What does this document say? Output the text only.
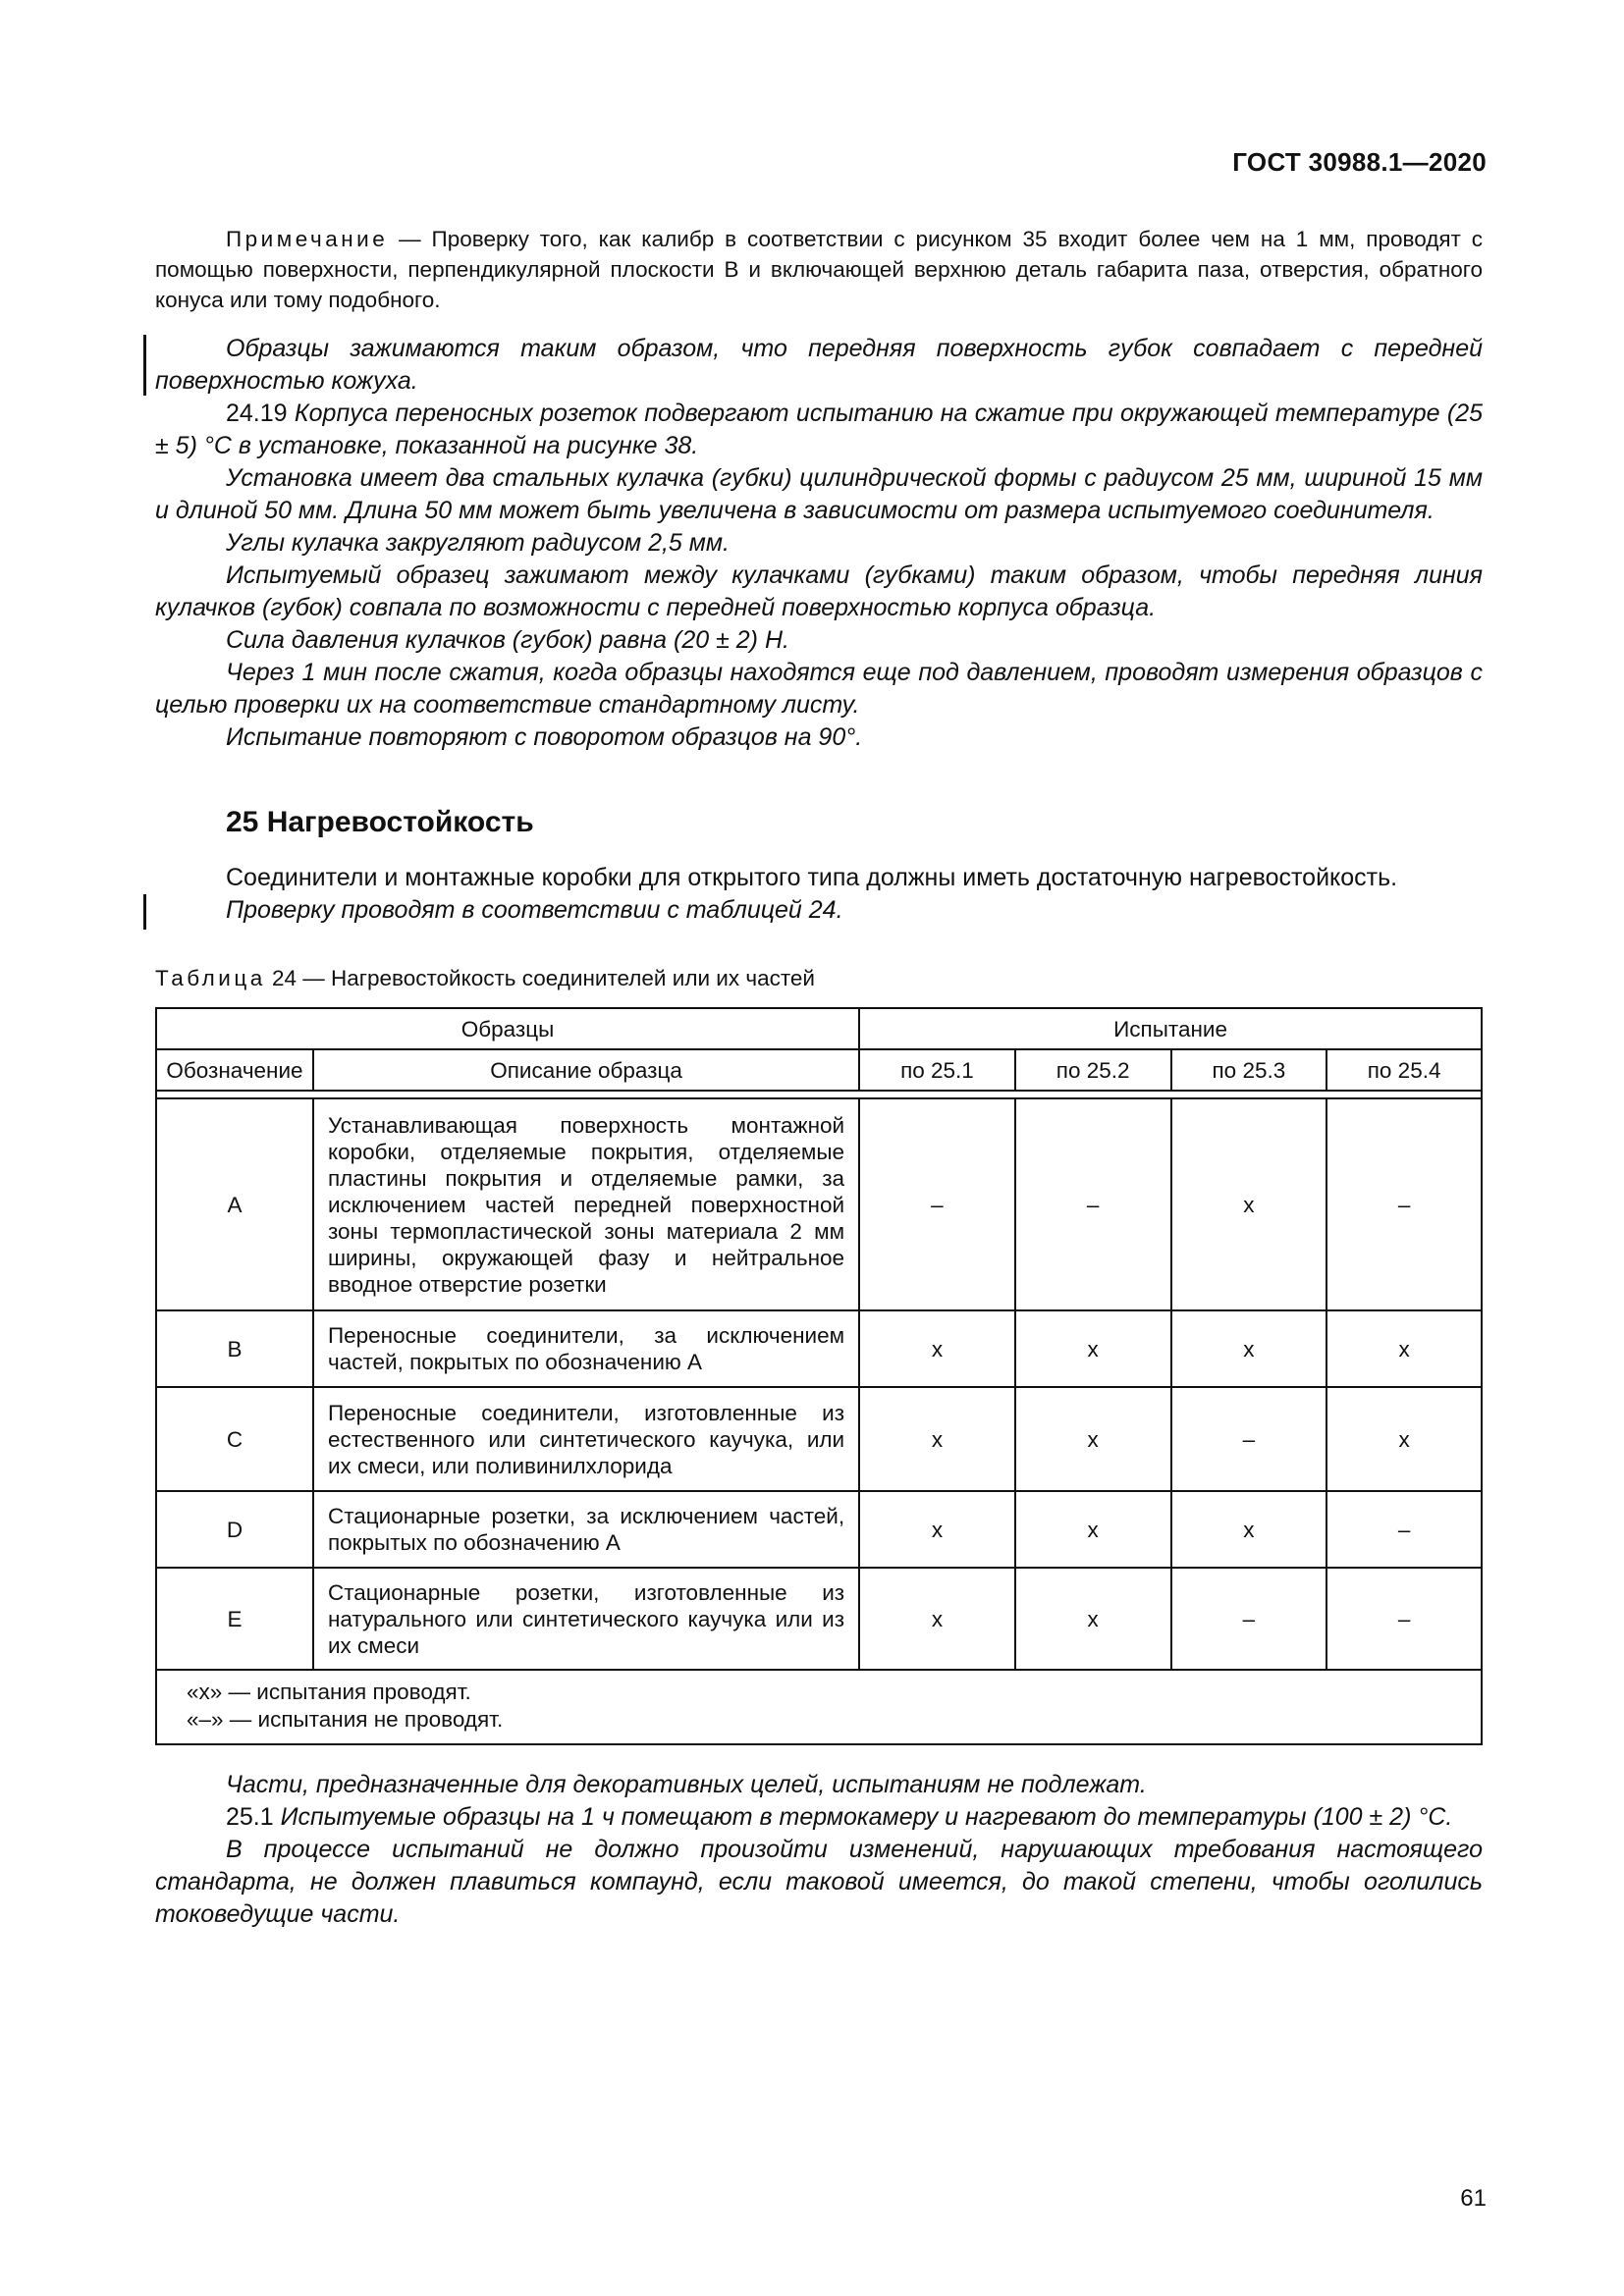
ГОСТ 30988.1—2020

Примечание — Проверку того, как калибр в соответствии с рисунком 35 входит более чем на 1 мм, проводят с помощью поверхности, перпендикулярной плоскости В и включающей верхнюю деталь габарита паза, отверстия, обратного конуса или тому подобного.

Образцы зажимаются таким образом, что передняя поверхность губок совпадает с передней поверхностью кожуха.

24.19 Корпуса переносных розеток подвергают испытанию на сжатие при окружающей температуре (25 ± 5) °С в установке, показанной на рисунке 38.

Установка имеет два стальных кулачка (губки) цилиндрической формы с радиусом 25 мм, шириной 15 мм и длиной 50 мм. Длина 50 мм может быть увеличена в зависимости от размера испытуемого соединителя.

Углы кулачка закругляют радиусом 2,5 мм.

Испытуемый образец зажимают между кулачками (губками) таким образом, чтобы передняя линия кулачков (губок) совпала по возможности с передней поверхностью корпуса образца.

Сила давления кулачков (губок) равна (20 ± 2) Н.

Через 1 мин после сжатия, когда образцы находятся еще под давлением, проводят измерения образцов с целью проверки их на соответствие стандартному листу.

Испытание повторяют с поворотом образцов на 90°.

25 Нагревостойкость

Соединители и монтажные коробки для открытого типа должны иметь достаточную нагревостойкость.

Проверку проводят в соответствии с таблицей 24.

Таблица 24 — Нагревостойкость соединителей или их частей
Образцы		Испытание			
Обозначение	Описание образца	по 25.1	по 25.2	по 25.3	по 25.4

A	Устанавливающая поверхность монтажной коробки, отделяемые покрытия, отделяемые пластины покрытия и отделяемые рамки, за исключением частей передней поверхностной зоны термопластической зоны материала 2 мм ширины, окружающей фазу и нейтральное вводное отверстие розетки	–	–	x	–
B	Переносные соединители, за исключением частей, покрытых по обозначению А	x	x	x	x
C	Переносные соединители, изготовленные из естественного или синтетического каучука, или их смеси, или поливинилхлорида	x	x	–	x
D	Стационарные розетки, за исключением частей, покрытых по обозначению А	x	x	x	–
E	Стационарные розетки, изготовленные из натурального или синтетического каучука или из их смеси	x	x	–	–

«x» — испытания проводят.
«–» — испытания не проводят.					

Части, предназначенные для декоративных целей, испытаниям не подлежат.

25.1 Испытуемые образцы на 1 ч помещают в термокамеру и нагревают до температуры (100 ± 2) °С.

В процессе испытаний не должно произойти изменений, нарушающих требования настоящего стандарта, не должен плавиться компаунд, если таковой имеется, до такой степени, чтобы оголились токоведущие части.

61
